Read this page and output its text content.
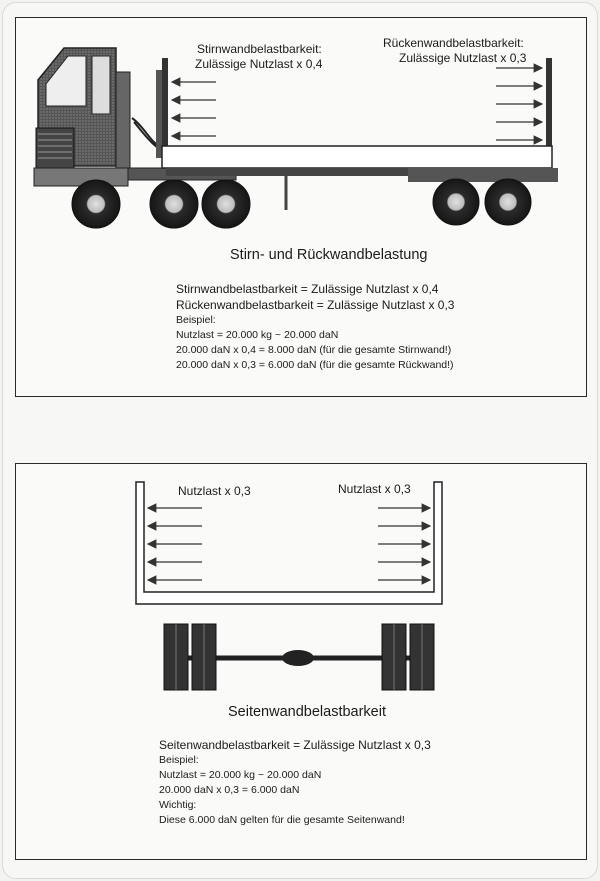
Stirnwandbelastbarkeit:
Zulässige Nutzlast x 0,4
Rückenwandbelastbarkeit:
Zulässige Nutzlast x 0,3
Stirn- und Rückwandbelastung
Stirnwandbelastbarkeit = Zulässige Nutzlast x 0,4
Rückenwandbelastbarkeit = Zulässige Nutzlast x 0,3
Beispiel:
Nutzlast = 20.000 kg ~ 20.000 daN
20.000 daN x 0,4 = 8.000 daN (für die gesamte Stirnwand!)
20.000 daN x 0,3 = 6.000 daN (für die gesamte Rückwand!)
Nutzlast x 0,3	Nutzlast x 0,3
Seitenwandbelastbarkeit
Seitenwandbelastbarkeit = Zulässige Nutzlast x 0,3
Beispiel:
Nutzlast = 20.000 kg ~ 20.000 daN
20.000 daN x 0,3 = 6.000 daN
Wichtig:
Diese 6.000 daN gelten für die gesamte Seitenwand!
